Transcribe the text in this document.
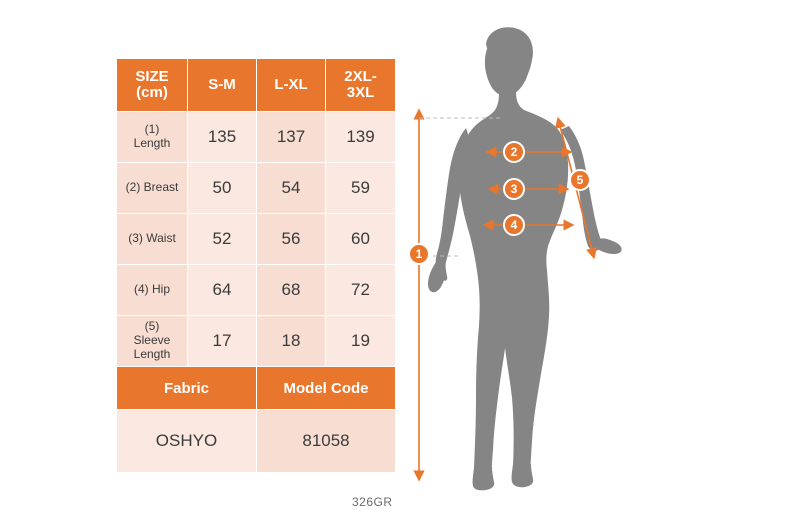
SIZE
(cm)	S-M	L-XL	2XL-
3XL

(1)
Length	135	137	139

(2) Breast	50	54	59

(3) Waist	52	56	60

(4) Hip	64	68	72

(5)
Sleeve Length	17	18	19
Fabric		Model Code	
OSHYO		81058	
326GR
1
2
3
4
5
